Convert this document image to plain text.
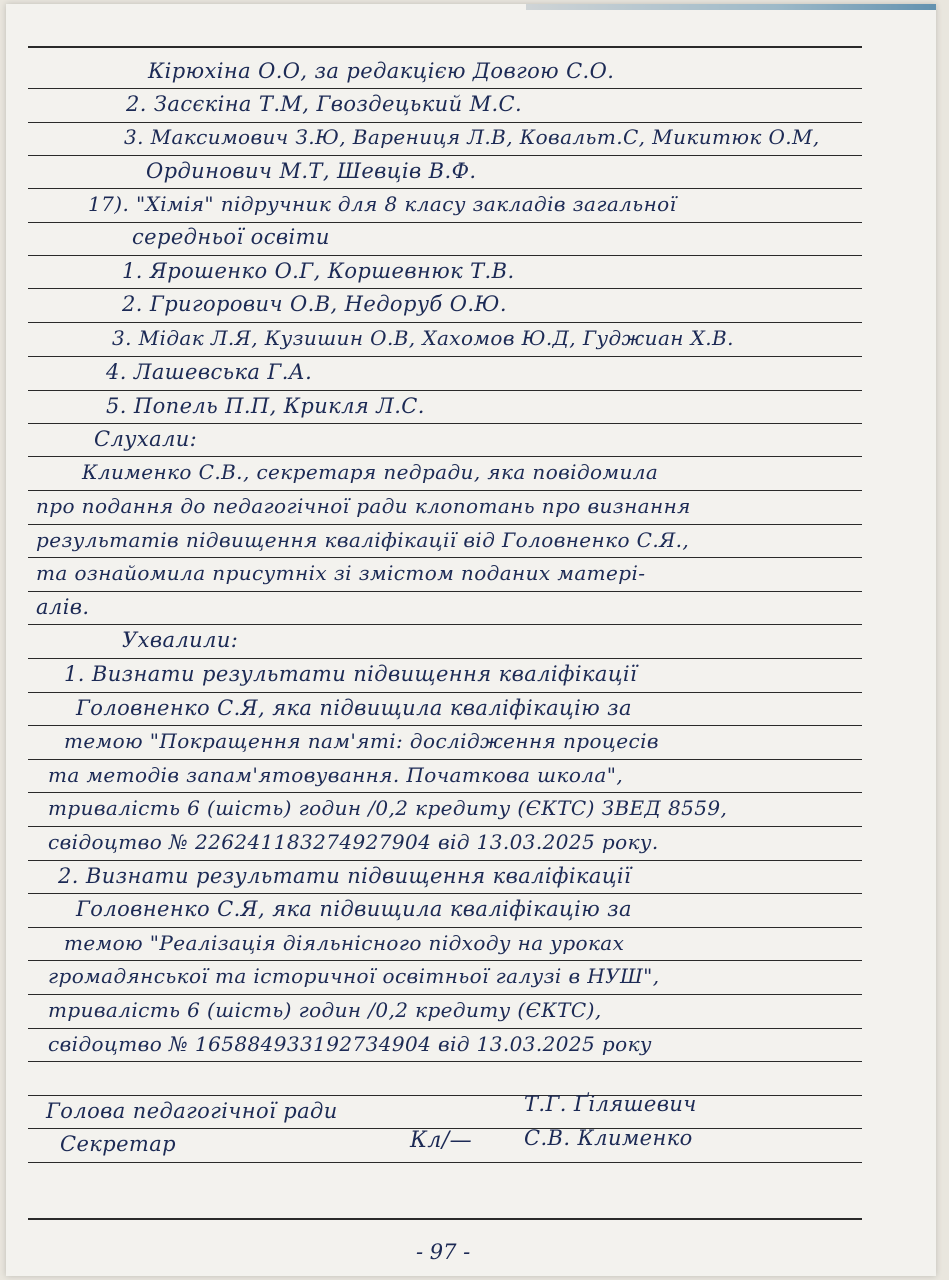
Кірюхіна О.О, за редакцією Довгою С.О.
2. Засєкіна Т.М, Гвоздецький М.С.
3. Максимович З.Ю, Варениця Л.В, Ковальт.С, Микитюк О.М,
Ординович М.Т, Шевців В.Ф.
17). "Хімія" підручник для 8 класу закладів загальної
середньої освіти
1. Ярошенко О.Г, Коршевнюк Т.В.
2. Григорович О.В, Недоруб О.Ю.
3. Мідак Л.Я, Кузишин О.В, Хахомов Ю.Д, Гуджиан Х.В.
4. Лашевська Г.А.
5. Попель П.П, Крикля Л.С.
Слухали:
Клименко С.В., секретаря педради, яка повідомила
про подання до педагогічної ради клопотань про визнання
результатів підвищення кваліфікації від Головненко С.Я.,
та ознайомила присутніх зі змістом поданих матері-
алів.
Ухвалили:
1. Визнати результати підвищення кваліфікації
Головненко С.Я, яка підвищила кваліфікацію за
темою "Покращення пам'яті: дослідження процесів
та методів запам'ятовування. Початкова школа",
тривалість 6 (шість) годин /0,2 кредиту (ЄКТС) ЗВЕД 8559,
свідоцтво № 226241183274927904 від 13.03.2025 року.
2. Визнати результати підвищення кваліфікації
Головненко С.Я, яка підвищила кваліфікацію за
темою "Реалізація діяльнісного підходу на уроках
громадянської та історичної освітньої галузі в НУШ",
тривалість 6 (шість) годин /0,2 кредиту (ЄКТС),
свідоцтво № 165884933192734904 від 13.03.2025 року
Голова педагогічної ради	Т.Г. Ґіляшевич
Секретар	Кл/— С.В. Клименко
- 97 -
